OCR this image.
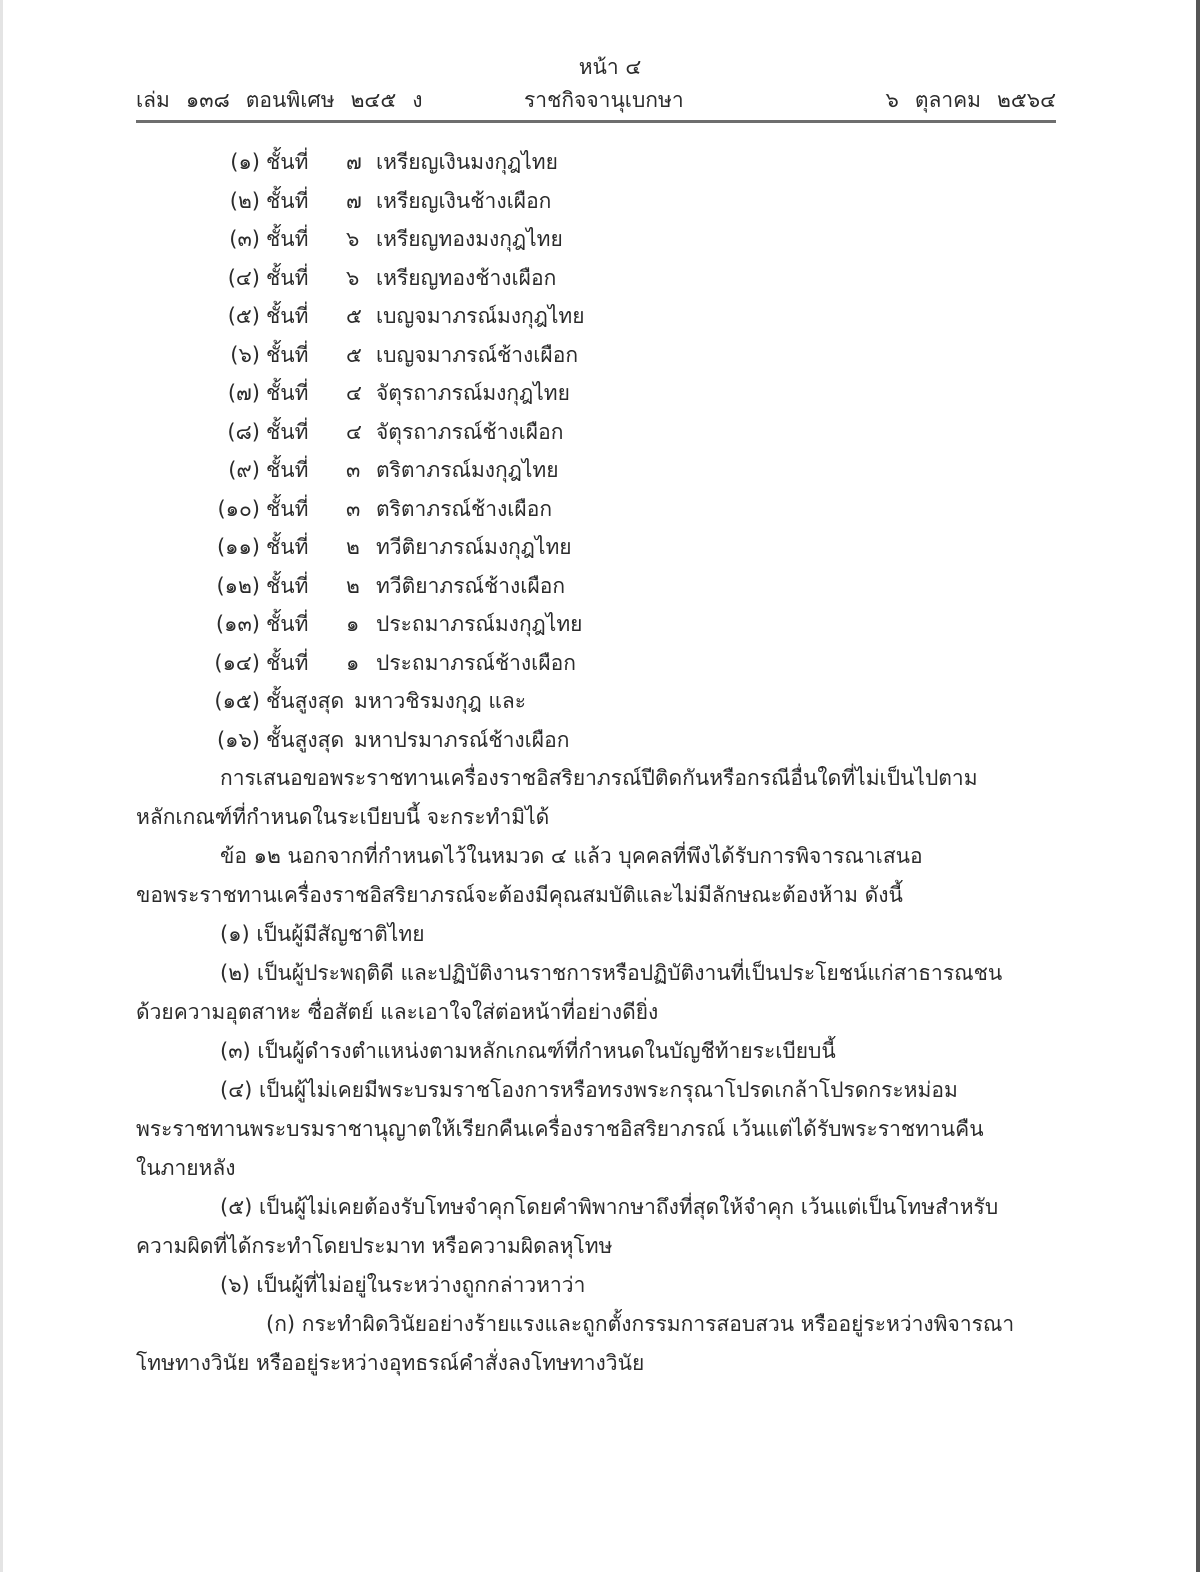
หน้า ๔
เล่ม ๑๓๘ ตอนพิเศษ ๒๔๕ ง	ราชกิจจานุเบกษา	๖ ตุลาคม ๒๕๖๔
(๑) ชั้นที่	๗ เหรียญเงินมงกุฎไทย
(๒) ชั้นที่	๗ เหรียญเงินช้างเผือก
(๓) ชั้นที่	๖ เหรียญทองมงกุฎไทย
(๔) ชั้นที่	๖ เหรียญทองช้างเผือก
(๕) ชั้นที่	๕ เบญจมาภรณ์มงกุฎไทย
(๖) ชั้นที่	๕ เบญจมาภรณ์ช้างเผือก
(๗) ชั้นที่	๔ จัตุรถาภรณ์มงกุฎไทย
(๘) ชั้นที่	๔ จัตุรถาภรณ์ช้างเผือก
(๙) ชั้นที่	๓ ตริตาภรณ์มงกุฎไทย
(๑๐) ชั้นที่	๓ ตริตาภรณ์ช้างเผือก
(๑๑) ชั้นที่	๒ ทวีติยาภรณ์มงกุฎไทย
(๑๒) ชั้นที่	๒ ทวีติยาภรณ์ช้างเผือก
(๑๓) ชั้นที่	๑ ประถมาภรณ์มงกุฎไทย
(๑๔) ชั้นที่	๑ ประถมาภรณ์ช้างเผือก
(๑๕) ชั้นสูงสุด มหาวชิรมงกุฎ และ
(๑๖) ชั้นสูงสุด มหาปรมาภรณ์ช้างเผือก
การเสนอขอพระราชทานเครื่องราชอิสริยาภรณ์ปีติดกันหรือกรณีอื่นใดที่ไม่เป็นไปตาม
หลักเกณฑ์ที่กำหนดในระเบียบนี้ จะกระทำมิได้
ข้อ ๑๒ นอกจากที่กำหนดไว้ในหมวด ๔ แล้ว บุคคลที่พึงได้รับการพิจารณาเสนอ
ขอพระราชทานเครื่องราชอิสริยาภรณ์จะต้องมีคุณสมบัติและไม่มีลักษณะต้องห้าม ดังนี้
(๑) เป็นผู้มีสัญชาติไทย
(๒) เป็นผู้ประพฤติดี และปฏิบัติงานราชการหรือปฏิบัติงานที่เป็นประโยชน์แก่สาธารณชน
ด้วยความอุตสาหะ ซื่อสัตย์ และเอาใจใส่ต่อหน้าที่อย่างดียิ่ง
(๓) เป็นผู้ดำรงตำแหน่งตามหลักเกณฑ์ที่กำหนดในบัญชีท้ายระเบียบนี้
(๔) เป็นผู้ไม่เคยมีพระบรมราชโองการหรือทรงพระกรุณาโปรดเกล้าโปรดกระหม่อม
พระราชทานพระบรมราชานุญาตให้เรียกคืนเครื่องราชอิสริยาภรณ์ เว้นแต่ได้รับพระราชทานคืน
ในภายหลัง
(๕) เป็นผู้ไม่เคยต้องรับโทษจำคุกโดยคำพิพากษาถึงที่สุดให้จำคุก เว้นแต่เป็นโทษสำหรับ
ความผิดที่ได้กระทำโดยประมาท หรือความผิดลหุโทษ
(๖) เป็นผู้ที่ไม่อยู่ในระหว่างถูกกล่าวหาว่า
(ก) กระทำผิดวินัยอย่างร้ายแรงและถูกตั้งกรรมการสอบสวน หรืออยู่ระหว่างพิจารณา
โทษทางวินัย หรืออยู่ระหว่างอุทธรณ์คำสั่งลงโทษทางวินัย
